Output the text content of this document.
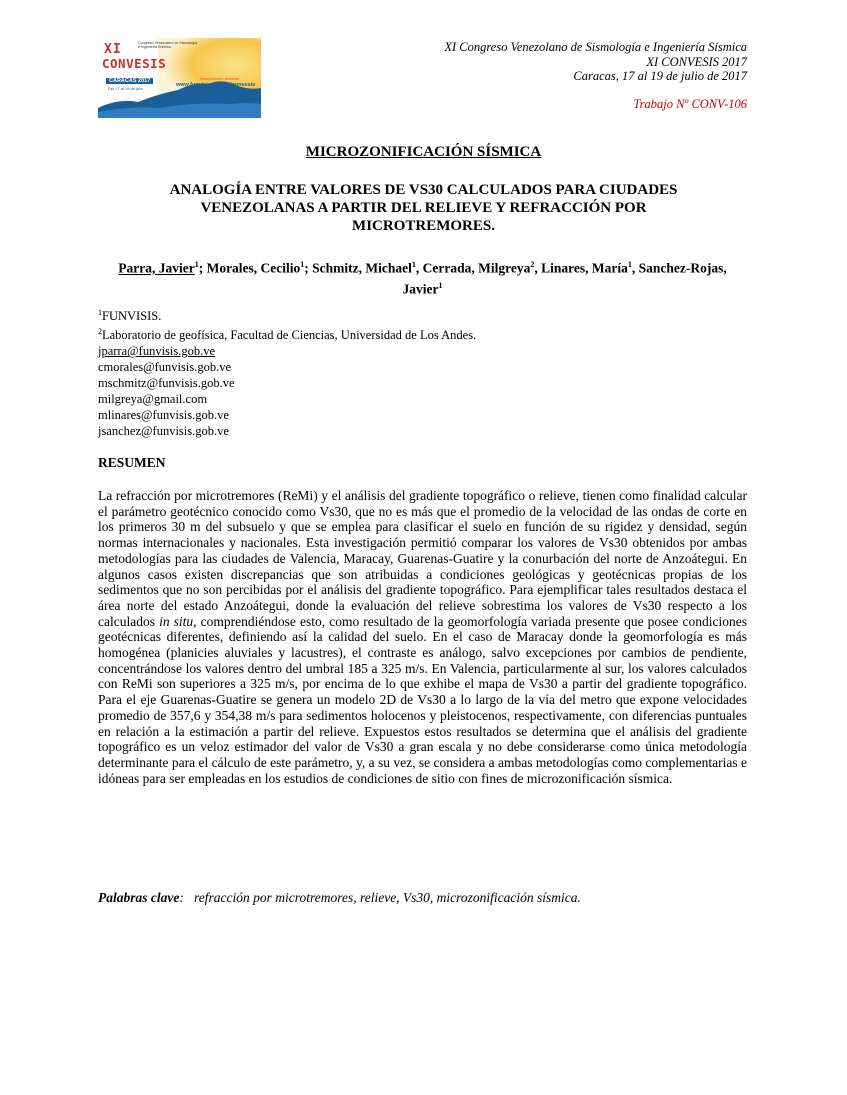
XI	Congreso Venezolano de Sismología e Ingeniería Sísmica
CONVESIS
CARACAS 2017
Del 17 al 19 de julio
Inscripciones abiertas
www.funvisis.gob.ve/convesis
XI Congreso Venezolano de Sismología e Ingeniería Sísmica
XI CONVESIS 2017
Caracas, 17 al 19 de julio de 2017
Trabajo Nº CONV-106
MICROZONIFICACIÓN SÍSMICA
ANALOGÍA ENTRE VALORES DE VS30 CALCULADOS PARA CIUDADES VENEZOLANAS A PARTIR DEL RELIEVE Y REFRACCIÓN POR MICROTREMORES.
Parra, Javier$^1$; Morales, Cecilio$^1$; Schmitz, Michael$^1$, Cerrada, Milgreya$^2$, Linares, María$^1$, Sanchez-Rojas, Javier$^1$
$^1$FUNVISIS.
$^2$Laboratorio de geofísica, Facultad de Ciencias, Universidad de Los Andes.
jparra@funvisis.gob.ve
cmorales@funvisis.gob.ve
mschmitz@funvisis.gob.ve
milgreya@gmail.com
mlinares@funvisis.gob.ve
jsanchez@funvisis.gob.ve
RESUMEN
La refracción por microtremores (ReMi) y el análisis del gradiente topográfico o relieve, tienen como finalidad calcular el parámetro geotécnico conocido como Vs30, que no es más que el promedio de la velocidad de las ondas de corte en los primeros 30 m del subsuelo y que se emplea para clasificar el suelo en función de su rigidez y densidad, según normas internacionales y nacionales. Esta investigación permitió comparar los valores de Vs30 obtenidos por ambas metodologías para las ciudades de Valencia, Maracay, Guarenas-Guatire y la conurbación del norte de Anzoátegui. En algunos casos existen discrepancias que son atribuidas a condiciones geológicas y geotécnicas propias de los sedimentos que no son percibidas por el análisis del gradiente topográfico. Para ejemplificar tales resultados destaca el área norte del estado Anzoátegui, donde la evaluación del relieve sobrestima los valores de Vs30 respecto a los calculados in situ, comprendiéndose esto, como resultado de la geomorfología variada presente que posee condiciones geotécnicas diferentes, definiendo así la calidad del suelo. En el caso de Maracay donde la geomorfología es más homogénea (planicies aluviales y lacustres), el contraste es análogo, salvo excepciones por cambios de pendiente, concentrándose los valores dentro del umbral 185 a 325 m/s. En Valencia, particularmente al sur, los valores calculados con ReMi son superiores a 325 m/s, por encima de lo que exhibe el mapa de Vs30 a partir del gradiente topográfico. Para el eje Guarenas-Guatire se genera un modelo 2D de Vs30 a lo largo de la vía del metro que expone velocidades promedio de 357,6 y 354,38 m/s para sedimentos holocenos y pleistocenos, respectivamente, con diferencias puntuales en relación a la estimación a partir del relieve. Expuestos estos resultados se determina que el análisis del gradiente topográfico es un veloz estimador del valor de Vs30 a gran escala y no debe considerarse como única metodología determinante para el cálculo de este parámetro, y, a su vez, se considera a ambas metodologías como complementarias e idóneas para ser empleadas en los estudios de condiciones de sitio con fines de microzonificación sísmica.
Palabras clave: refracción por microtremores, relieve, Vs30, microzonificación sísmica.
